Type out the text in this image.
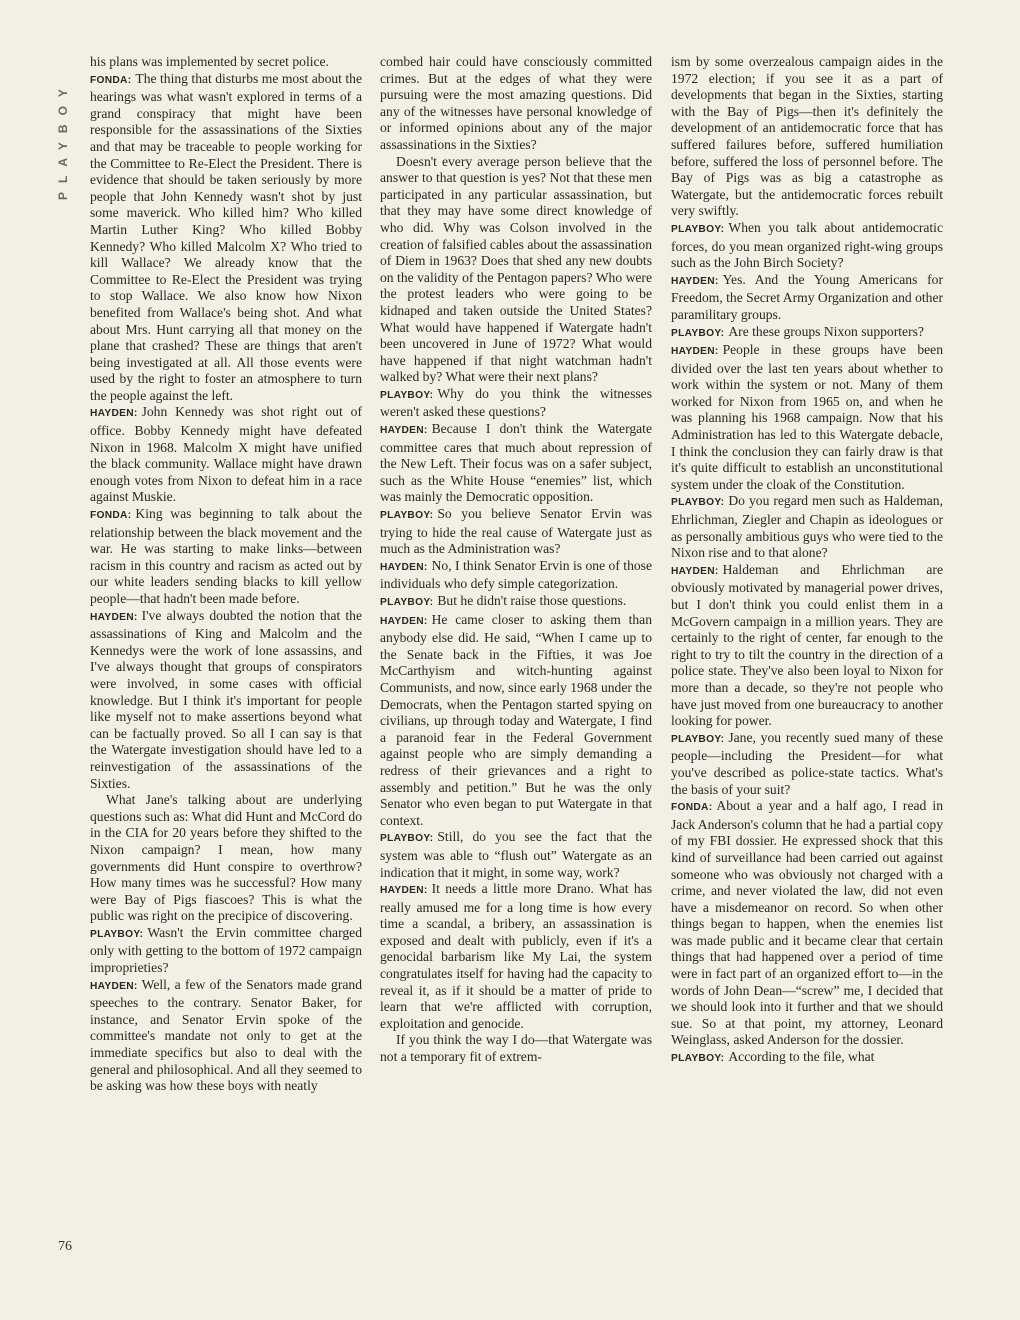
PLAYBOY
76

his plans was implemented by secret police.

FONDA: The thing that disturbs me most about the hearings was what wasn't explored in terms of a grand conspiracy that might have been responsible for the assassinations of the Sixties and that may be traceable to people working for the Committee to Re-Elect the President. There is evidence that should be taken seriously by more people that John Kennedy wasn't shot by just some maverick. Who killed him? Who killed Martin Luther King? Who killed Bobby Kennedy? Who killed Malcolm X? Who tried to kill Wallace? We already know that the Committee to Re-Elect the President was trying to stop Wallace. We also know how Nixon benefited from Wallace's being shot. And what about Mrs. Hunt carrying all that money on the plane that crashed? These are things that aren't being investigated at all. All those events were used by the right to foster an atmosphere to turn the people against the left.

HAYDEN: John Kennedy was shot right out of office. Bobby Kennedy might have defeated Nixon in 1968. Malcolm X might have unified the black community. Wallace might have drawn enough votes from Nixon to defeat him in a race against Muskie.

FONDA: King was beginning to talk about the relationship between the black movement and the war. He was starting to make links—between racism in this country and racism as acted out by our white leaders sending blacks to kill yellow people—that hadn't been made before.

HAYDEN: I've always doubted the notion that the assassinations of King and Malcolm and the Kennedys were the work of lone assassins, and I've always thought that groups of conspirators were involved, in some cases with official knowledge. But I think it's important for people like myself not to make assertions beyond what can be factually proved. So all I can say is that the Watergate investigation should have led to a reinvestigation of the assassinations of the Sixties.

What Jane's talking about are underlying questions such as: What did Hunt and McCord do in the CIA for 20 years before they shifted to the Nixon campaign? I mean, how many governments did Hunt conspire to overthrow? How many times was he successful? How many were Bay of Pigs fiascoes? This is what the public was right on the precipice of discovering.

PLAYBOY: Wasn't the Ervin committee charged only with getting to the bottom of 1972 campaign improprieties?

HAYDEN: Well, a few of the Senators made grand speeches to the contrary. Senator Baker, for instance, and Senator Ervin spoke of the committee's mandate not only to get at the immediate specifics but also to deal with the general and philosophical. And all they seemed to be asking was how these boys with neatly

combed hair could have consciously committed crimes. But at the edges of what they were pursuing were the most amazing questions. Did any of the witnesses have personal knowledge of or informed opinions about any of the major assassinations in the Sixties?

Doesn't every average person believe that the answer to that question is yes? Not that these men participated in any particular assassination, but that they may have some direct knowledge of who did. Why was Colson involved in the creation of falsified cables about the assassination of Diem in 1963? Does that shed any new doubts on the validity of the Pentagon papers? Who were the protest leaders who were going to be kidnaped and taken outside the United States? What would have happened if Watergate hadn't been uncovered in June of 1972? What would have happened if that night watchman hadn't walked by? What were their next plans?

PLAYBOY: Why do you think the witnesses weren't asked these questions?

HAYDEN: Because I don't think the Watergate committee cares that much about repression of the New Left. Their focus was on a safer subject, such as the White House “enemies” list, which was mainly the Democratic opposition.

PLAYBOY: So you believe Senator Ervin was trying to hide the real cause of Watergate just as much as the Administration was?

HAYDEN: No, I think Senator Ervin is one of those individuals who defy simple categorization.

PLAYBOY: But he didn't raise those questions.

HAYDEN: He came closer to asking them than anybody else did. He said, “When I came up to the Senate back in the Fifties, it was Joe McCarthyism and witch-hunting against Communists, and now, since early 1968 under the Democrats, when the Pentagon started spying on civilians, up through today and Watergate, I find a paranoid fear in the Federal Government against people who are simply demanding a redress of their grievances and a right to assembly and petition.” But he was the only Senator who even began to put Watergate in that context.

PLAYBOY: Still, do you see the fact that the system was able to “flush out” Watergate as an indication that it might, in some way, work?

HAYDEN: It needs a little more Drano. What has really amused me for a long time is how every time a scandal, a bribery, an assassination is exposed and dealt with publicly, even if it's a genocidal barbarism like My Lai, the system congratulates itself for having had the capacity to reveal it, as if it should be a matter of pride to learn that we're afflicted with corruption, exploitation and genocide.

If you think the way I do—that Watergate was not a temporary fit of extrem-

ism by some overzealous campaign aides in the 1972 election; if you see it as a part of developments that began in the Sixties, starting with the Bay of Pigs—then it's definitely the development of an antidemocratic force that has suffered failures before, suffered humiliation before, suffered the loss of personnel before. The Bay of Pigs was as big a catastrophe as Watergate, but the antidemocratic forces rebuilt very swiftly.

PLAYBOY: When you talk about antidemocratic forces, do you mean organized right-wing groups such as the John Birch Society?

HAYDEN: Yes. And the Young Americans for Freedom, the Secret Army Organization and other paramilitary groups.

PLAYBOY: Are these groups Nixon supporters?

HAYDEN: People in these groups have been divided over the last ten years about whether to work within the system or not. Many of them worked for Nixon from 1965 on, and when he was planning his 1968 campaign. Now that his Administration has led to this Watergate debacle, I think the conclusion they can fairly draw is that it's quite difficult to establish an unconstitutional system under the cloak of the Constitution.

PLAYBOY: Do you regard men such as Haldeman, Ehrlichman, Ziegler and Chapin as ideologues or as personally ambitious guys who were tied to the Nixon rise and to that alone?

HAYDEN: Haldeman and Ehrlichman are obviously motivated by managerial power drives, but I don't think you could enlist them in a McGovern campaign in a million years. They are certainly to the right of center, far enough to the right to try to tilt the country in the direction of a police state. They've also been loyal to Nixon for more than a decade, so they're not people who have just moved from one bureaucracy to another looking for power.

PLAYBOY: Jane, you recently sued many of these people—including the President—for what you've described as police-state tactics. What's the basis of your suit?

FONDA: About a year and a half ago, I read in Jack Anderson's column that he had a partial copy of my FBI dossier. He expressed shock that this kind of surveillance had been carried out against someone who was obviously not charged with a crime, and never violated the law, did not even have a misdemeanor on record. So when other things began to happen, when the enemies list was made public and it became clear that certain things that had happened over a period of time were in fact part of an organized effort to—in the words of John Dean—“screw” me, I decided that we should look into it further and that we should sue. So at that point, my attorney, Leonard Weinglass, asked Anderson for the dossier.

PLAYBOY: According to the file, what
